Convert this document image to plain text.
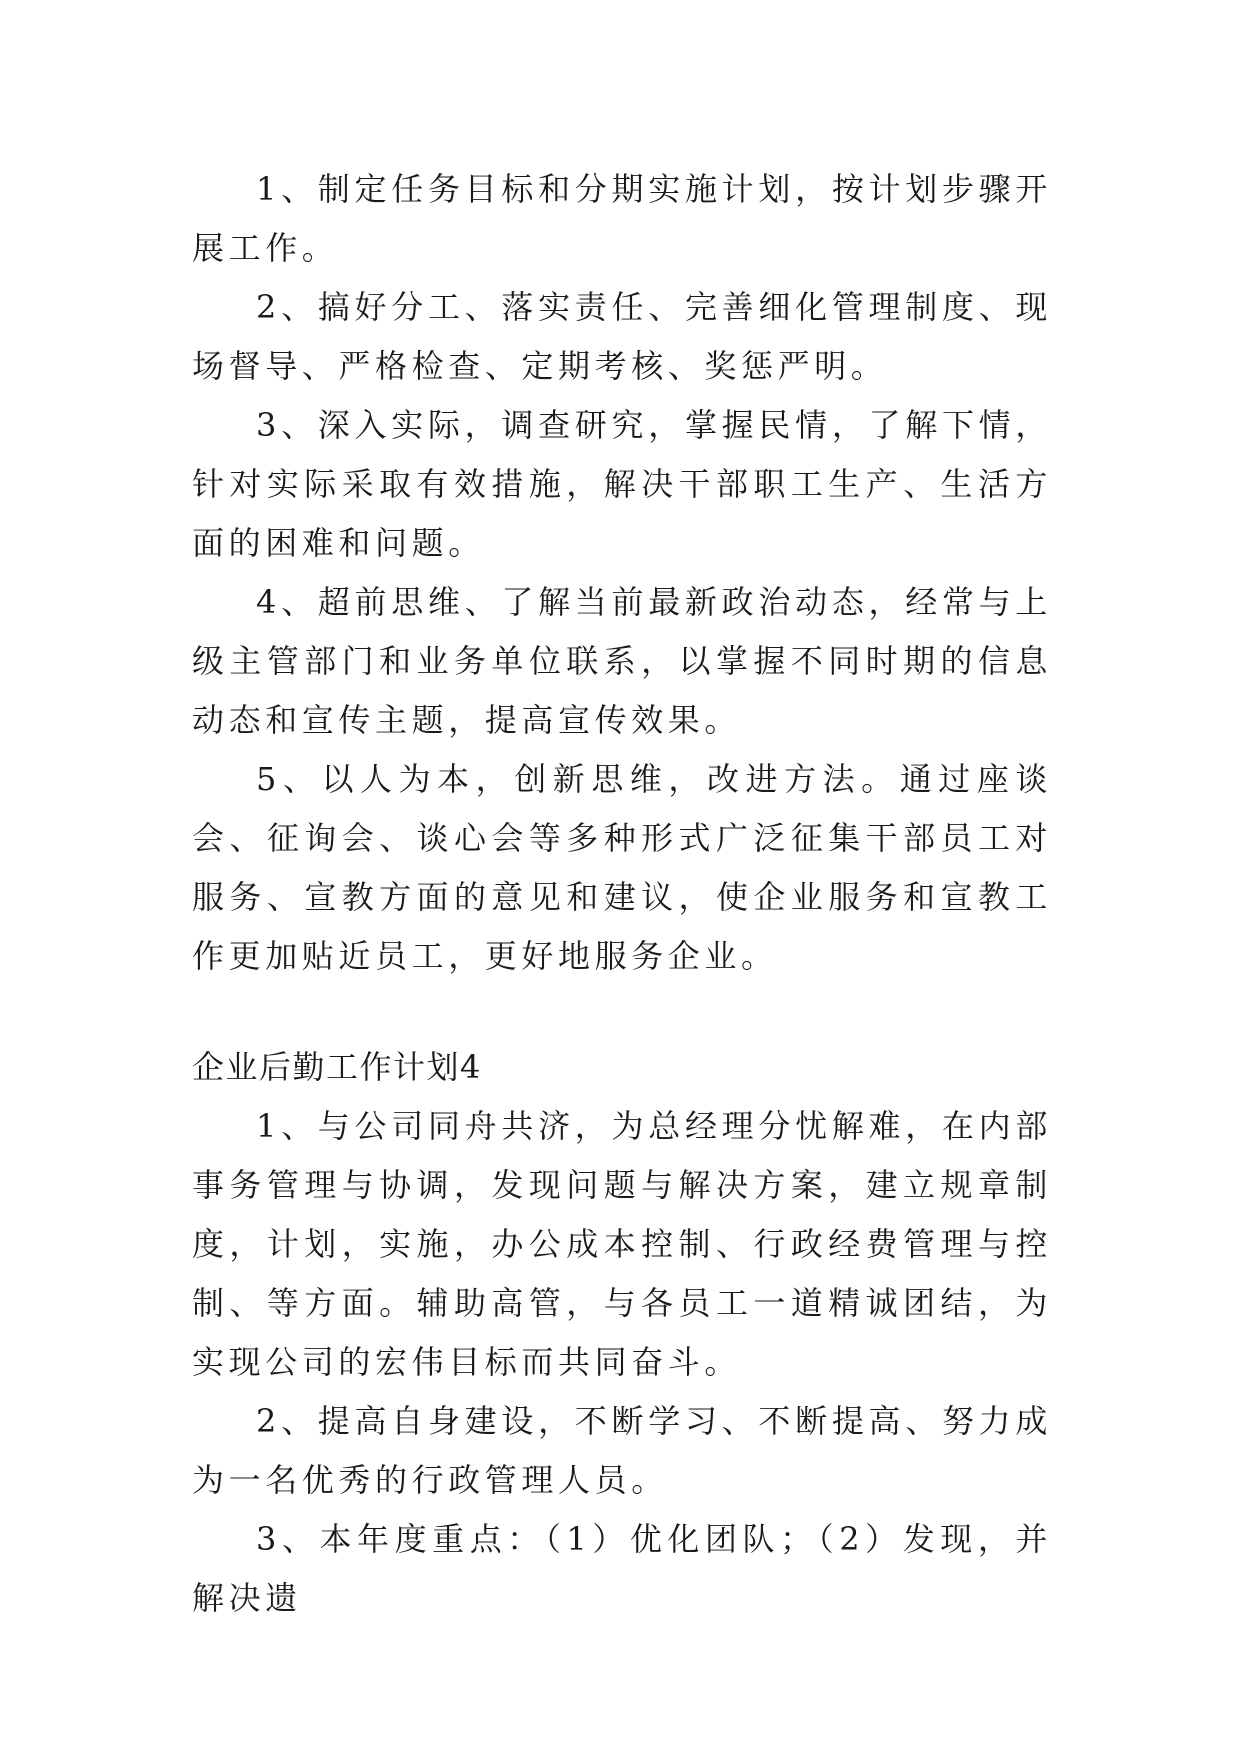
1、制定任务目标和分期实施计划，按计划步骤开展工作。

2、搞好分工、落实责任、完善细化管理制度、现场督导、严格检查、定期考核、奖惩严明。

3、深入实际，调查研究，掌握民情，了解下情，针对实际采取有效措施，解决干部职工生产、生活方面的困难和问题。

4、超前思维、了解当前最新政治动态，经常与上级主管部门和业务单位联系，以掌握不同时期的信息动态和宣传主题，提高宣传效果。

5、以人为本，创新思维，改进方法。通过座谈会、征询会、谈心会等多种形式广泛征集干部员工对服务、宣教方面的意见和建议，使企业服务和宣教工作更加贴近员工，更好地服务企业。

企业后勤工作计划4

1、与公司同舟共济，为总经理分忧解难，在内部事务管理与协调，发现问题与解决方案，建立规章制度，计划，实施，办公成本控制、行政经费管理与控制、等方面。辅助高管，与各员工一道精诚团结，为实现公司的宏伟目标而共同奋斗。

2、提高自身建设，不断学习、不断提高、努力成为一名优秀的行政管理人员。

3、本年度重点：（1）优化团队；（2）发现，并解决遗
